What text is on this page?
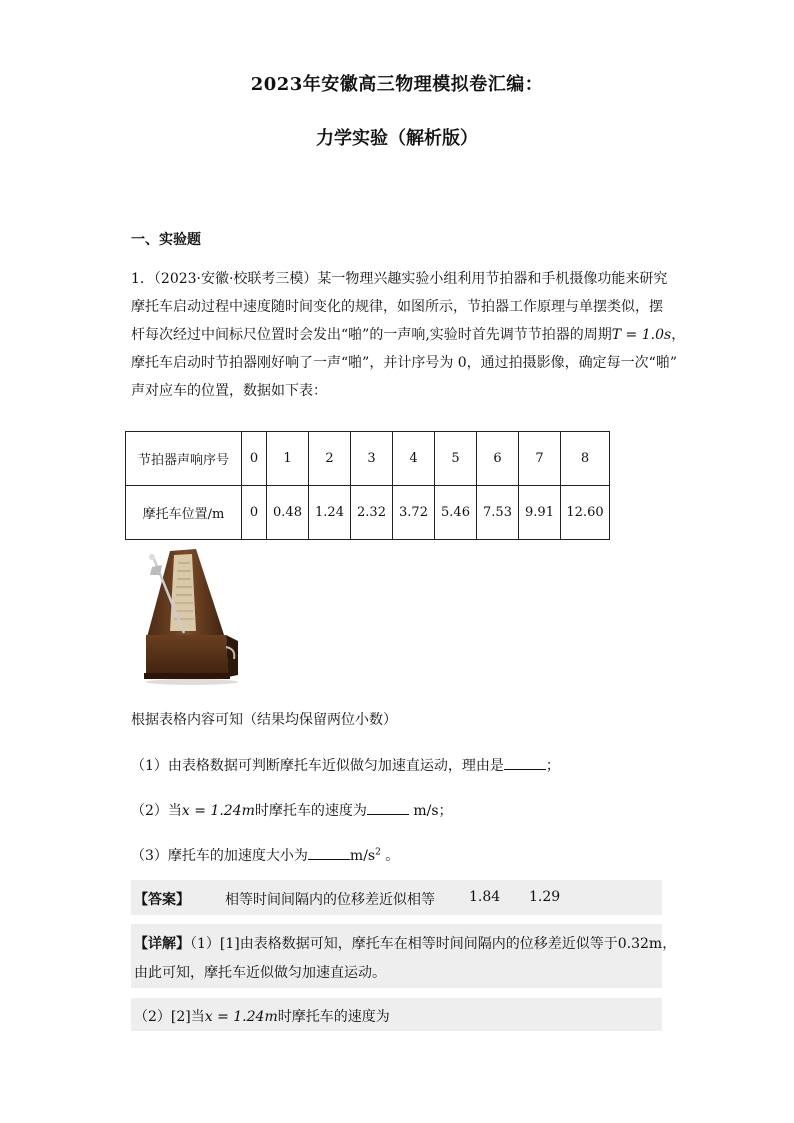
2023年安徽高三物理模拟卷汇编：
力学实验（解析版）
一、实验题

1．（2023·安徽·校联考三模）某一物理兴趣实验小组利用节拍器和手机摄像功能来研究

摩托车启动过程中速度随时间变化的规律，如图所示，节拍器工作原理与单摆类似，摆

杆每次经过中间标尺位置时会发出“啪”的一声响,实验时首先调节节拍器的周期T = 1.0s，

摩托车启动时节拍器刚好响了一声“啪”，并计序号为 0，通过拍摄影像，确定每一次“啪”

声对应车的位置，数据如下表：

节拍器声响序号	0	1	2	3	4	5	6	7	8
摩托车位置/m	0	0.48	1.24	2.32	3.72	5.46	7.53	9.91	12.60
根据表格内容可知（结果均保留两位小数）
（1）由表格数据可判断摩托车近似做匀加速直运动，理由是	；
（2）当x = 1.24m时摩托车的速度为	m/s；
（3）摩托车的加速度大小为	$m/s^2$ 。
【答案】	相等时间间隔内的位移差近似相等 1.84 1.29
【详解】（1）[1]由表格数据可知，摩托车在相等时间间隔内的位移差近似等于0.32m，
由此可知，摩托车近似做匀加速直运动。
（2）[2]当x = 1.24m时摩托车的速度为
